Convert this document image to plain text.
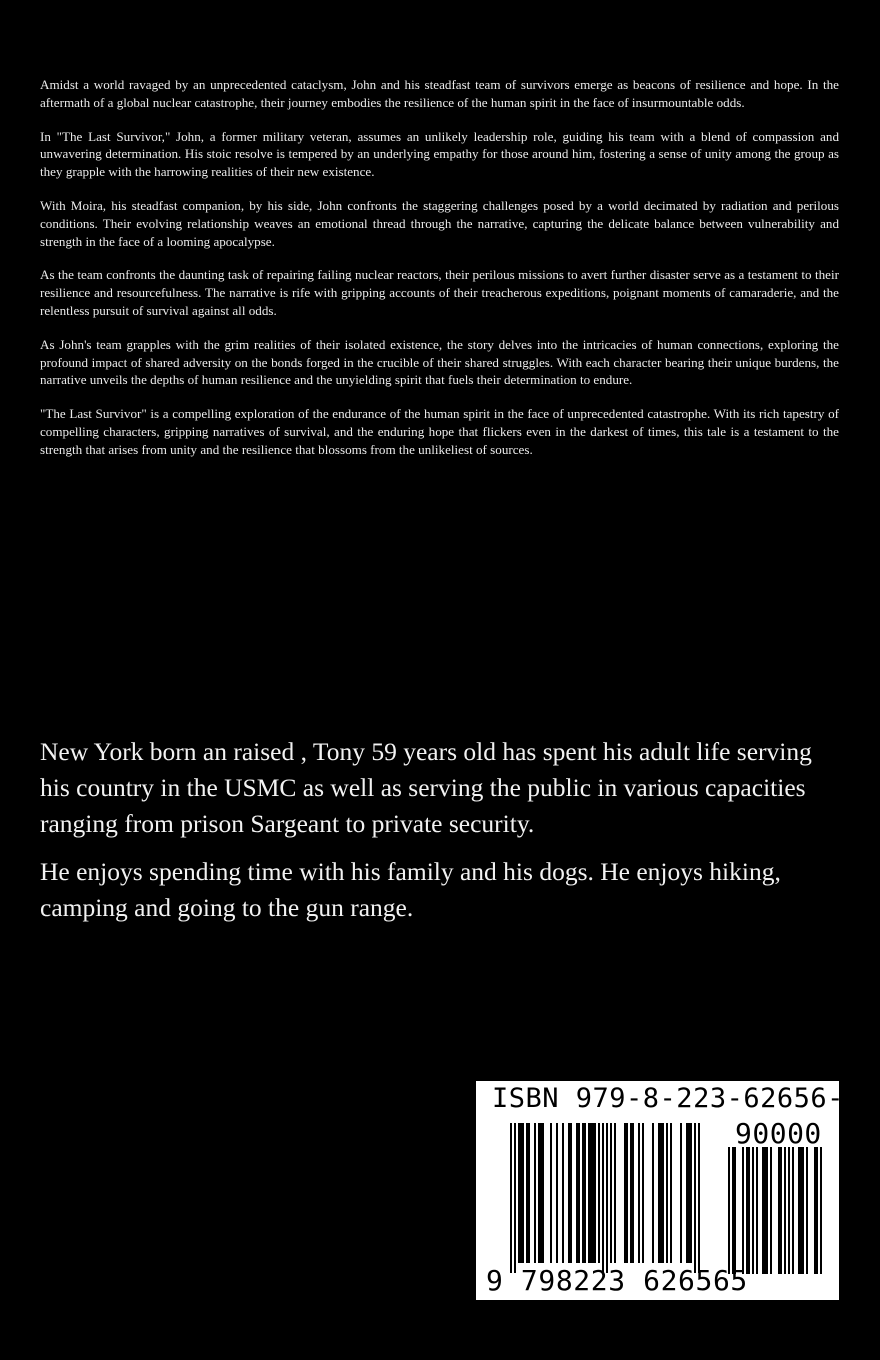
Amidst a world ravaged by an unprecedented cataclysm, John and his steadfast team of survivors emerge as beacons of resilience and hope. In the aftermath of a global nuclear catastrophe, their journey embodies the resilience of the human spirit in the face of insurmountable odds.

In "The Last Survivor," John, a former military veteran, assumes an unlikely leadership role, guiding his team with a blend of compassion and unwavering determination. His stoic resolve is tempered by an underlying empathy for those around him, fostering a sense of unity among the group as they grapple with the harrowing realities of their new existence.

With Moira, his steadfast companion, by his side, John confronts the staggering challenges posed by a world decimated by radiation and perilous conditions. Their evolving relationship weaves an emotional thread through the narrative, capturing the delicate balance between vulnerability and strength in the face of a looming apocalypse.

As the team confronts the daunting task of repairing failing nuclear reactors, their perilous missions to avert further disaster serve as a testament to their resilience and resourcefulness. The narrative is rife with gripping accounts of their treacherous expeditions, poignant moments of camaraderie, and the relentless pursuit of survival against all odds.

As John's team grapples with the grim realities of their isolated existence, the story delves into the intricacies of human connections, exploring the profound impact of shared adversity on the bonds forged in the crucible of their shared struggles. With each character bearing their unique burdens, the narrative unveils the depths of human resilience and the unyielding spirit that fuels their determination to endure.

"The Last Survivor" is a compelling exploration of the endurance of the human spirit in the face of unprecedented catastrophe. With its rich tapestry of compelling characters, gripping narratives of survival, and the enduring hope that flickers even in the darkest of times, this tale is a testament to the strength that arises from unity and the resilience that blossoms from the unlikeliest of sources.

New York born an raised , Tony 59 years old has spent his adult life serving his country in the USMC as well as serving the public in various capacities ranging from prison Sargeant to private security.

He enjoys spending time with his family and his dogs. He enjoys hiking, camping and going to the gun range.

ISBN 979-8-223-62656-5
90000
9 798223 626565
